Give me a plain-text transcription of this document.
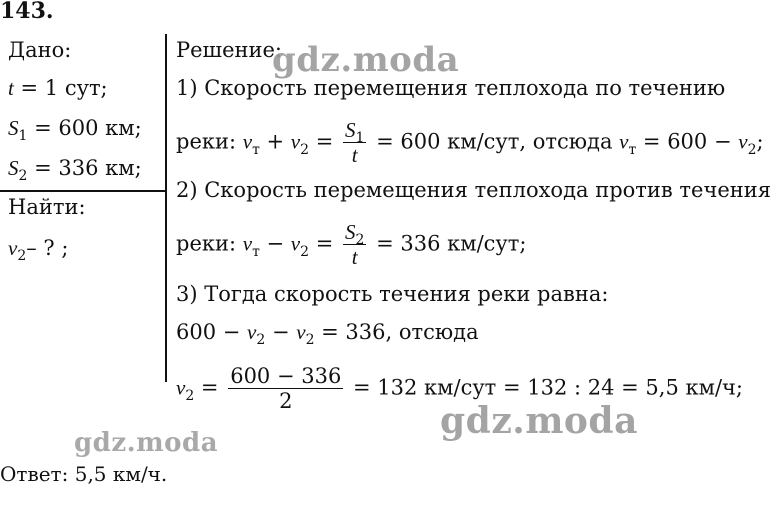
143.
Дано:
t = 1 сут;
$S_1 = 600$ км;
$S_2 = 336$ км;
Найти:
$v_2-$ ? ;
Решение:
1) Скорость перемещения теплохода по течению
реки: $v_т + v_2 = \frac{S_1}{t} = 600$ км/сут, отсюда $v_т = 600 - v_2$;
2) Скорость перемещения теплохода против течения
реки: $v_т - v_2 = \frac{S_2}{t} = 336$ км/сут;
3) Тогда скорость течения реки равна:
$600 - v_2 - v_2 = 336$, отсюда
$v_2 = \frac{600 - 336}{2} = 132$ км/сут = 132 : 24 = 5,5 км/ч;
Ответ: 5,5 км/ч.
gdz.moda
gdz.moda
gdz.moda
